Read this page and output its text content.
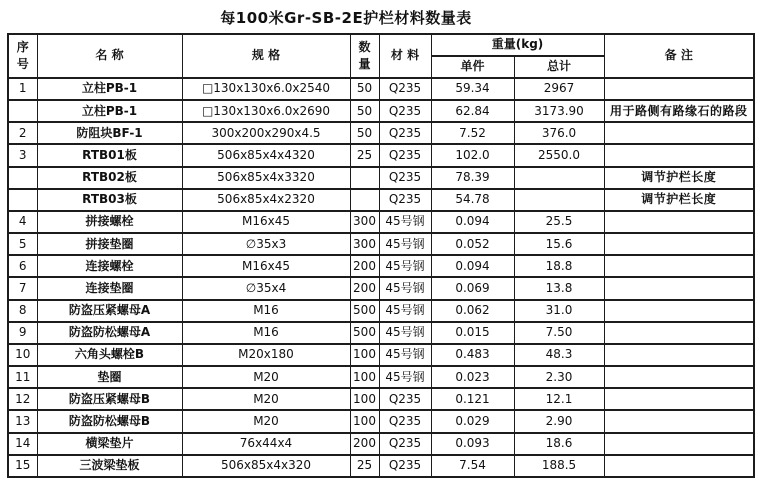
每100米Gr-SB-2E护栏材料数量表
序号	名 称	规 格	数量	材 料	重量(kg)		备 注
					单件	总计	
1	立柱PB-1	□130x130x6.0x2540	50	Q235	59.34	2967	
	立柱PB-1	□130x130x6.0x2690	50	Q235	62.84	3173.90	用于路侧有路缘石的路段
2	防阻块BF-1	300x200x290x4.5	50	Q235	7.52	376.0	
3	RTB01板	506x85x4x4320	25	Q235	102.0	2550.0	
	RTB02板	506x85x4x3320		Q235	78.39		调节护栏长度
	RTB03板	506x85x4x2320		Q235	54.78		调节护栏长度
4	拼接螺栓	M16x45	300	45号钢	0.094	25.5	
5	拼接垫圈	∅35x3	300	45号钢	0.052	15.6	
6	连接螺栓	M16x45	200	45号钢	0.094	18.8	
7	连接垫圈	∅35x4	200	45号钢	0.069	13.8	
8	防盗压紧螺母A	M16	500	45号钢	0.062	31.0	
9	防盗防松螺母A	M16	500	45号钢	0.015	7.50	
10	六角头螺栓B	M20x180	100	45号钢	0.483	48.3	
11	垫圈	M20	100	45号钢	0.023	2.30	
12	防盗压紧螺母B	M20	100	Q235	0.121	12.1	
13	防盗防松螺母B	M20	100	Q235	0.029	2.90	
14	横梁垫片	76x44x4	200	Q235	0.093	18.6	
15	三波梁垫板	506x85x4x320	25	Q235	7.54	188.5	
